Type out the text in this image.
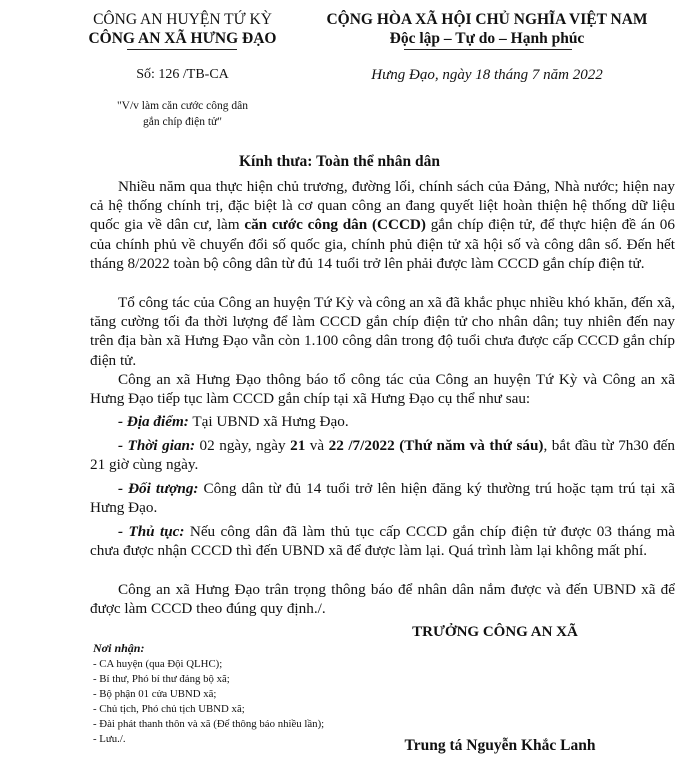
CÔNG AN HUYỆN TỨ KỲ
CÔNG AN XÃ HƯNG ĐẠO
CỘNG HÒA XÃ HỘI CHỦ NGHĨA VIỆT NAM
Độc lập – Tự do – Hạnh phúc
Số: 126 /TB-CA
"V/v làm căn cước công dân
gắn chíp điện tử"
Hưng Đạo, ngày 18 tháng 7 năm 2022
Kính thưa: Toàn thể nhân dân
Nhiều năm qua thực hiện chủ trương, đường lối, chính sách của Đảng, Nhà nước; hiện nay cả hệ thống chính trị, đặc biệt là cơ quan công an đang quyết liệt hoàn thiện hệ thống dữ liệu quốc gia về dân cư, làm căn cước công dân (CCCD) gắn chíp điện tử, để thực hiện đề án 06 của chính phủ về chuyển đổi số quốc gia, chính phủ điện tử xã hội số và công dân số. Đến hết tháng 8/2022 toàn bộ công dân từ đủ 14 tuổi trở lên phải được làm CCCD gắn chíp điện tử.
Tổ công tác của Công an huyện Tứ Kỳ và công an xã đã khắc phục nhiều khó khăn, đến xã, tăng cường tối đa thời lượng để làm CCCD gắn chíp điện tử cho nhân dân; tuy nhiên đến nay trên địa bàn xã Hưng Đạo vẫn còn 1.100 công dân trong độ tuổi chưa được cấp CCCD gắn chíp điện tử.
Công an xã Hưng Đạo thông báo tổ công tác của Công an huyện Tứ Kỳ và Công an xã Hưng Đạo tiếp tục làm CCCD gắn chíp tại xã Hưng Đạo cụ thể như sau:
- Địa điểm: Tại UBND xã Hưng Đạo.
- Thời gian: 02 ngày, ngày 21 và 22 /7/2022 (Thứ năm và thứ sáu), bắt đầu từ 7h30 đến 21 giờ cùng ngày.
- Đối tượng: Công dân từ đủ 14 tuổi trở lên hiện đăng ký thường trú hoặc tạm trú tại xã Hưng Đạo.
- Thủ tục: Nếu công dân đã làm thủ tục cấp CCCD gắn chíp điện tử được 03 tháng mà chưa được nhận CCCD thì đến UBND xã để được làm lại. Quá trình làm lại không mất phí.
Công an xã Hưng Đạo trân trọng thông báo để nhân dân nắm được và đến UBND xã để được làm CCCD theo đúng quy định./.
TRƯỞNG CÔNG AN XÃ
Trung tá Nguyễn Khắc Lanh
Nơi nhận:
- CA huyện (qua Đội QLHC);
- Bí thư, Phó bí thư đảng bộ xã;
- Bộ phận 01 cửa UBND xã;
- Chủ tịch, Phó chủ tịch UBND xã;
- Đài phát thanh thôn và xã (Để thông báo nhiều lần);
- Lưu./.
